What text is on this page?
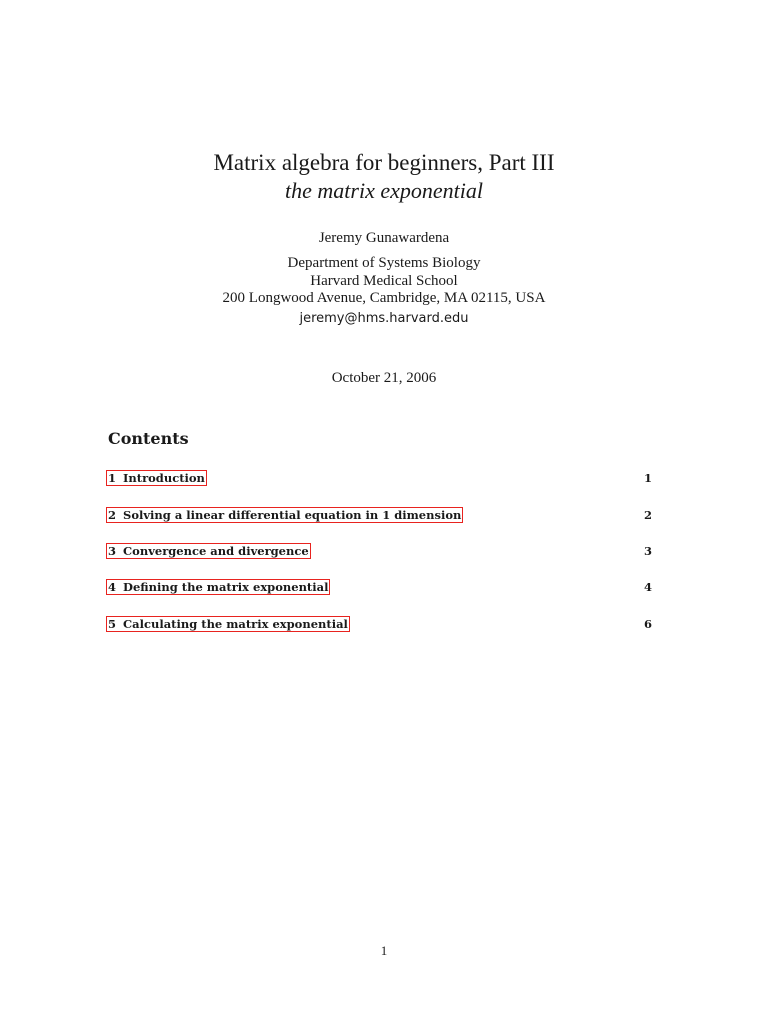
Matrix algebra for beginners, Part III
the matrix exponential
Jeremy Gunawardena
Department of Systems Biology
Harvard Medical School
200 Longwood Avenue, Cambridge, MA 02115, USA
jeremy@hms.harvard.edu
October 21, 2006
Contents
1 Introduction	1
2 Solving a linear differential equation in 1 dimension	2
3 Convergence and divergence	3
4 Defining the matrix exponential	4
5 Calculating the matrix exponential	6
1
